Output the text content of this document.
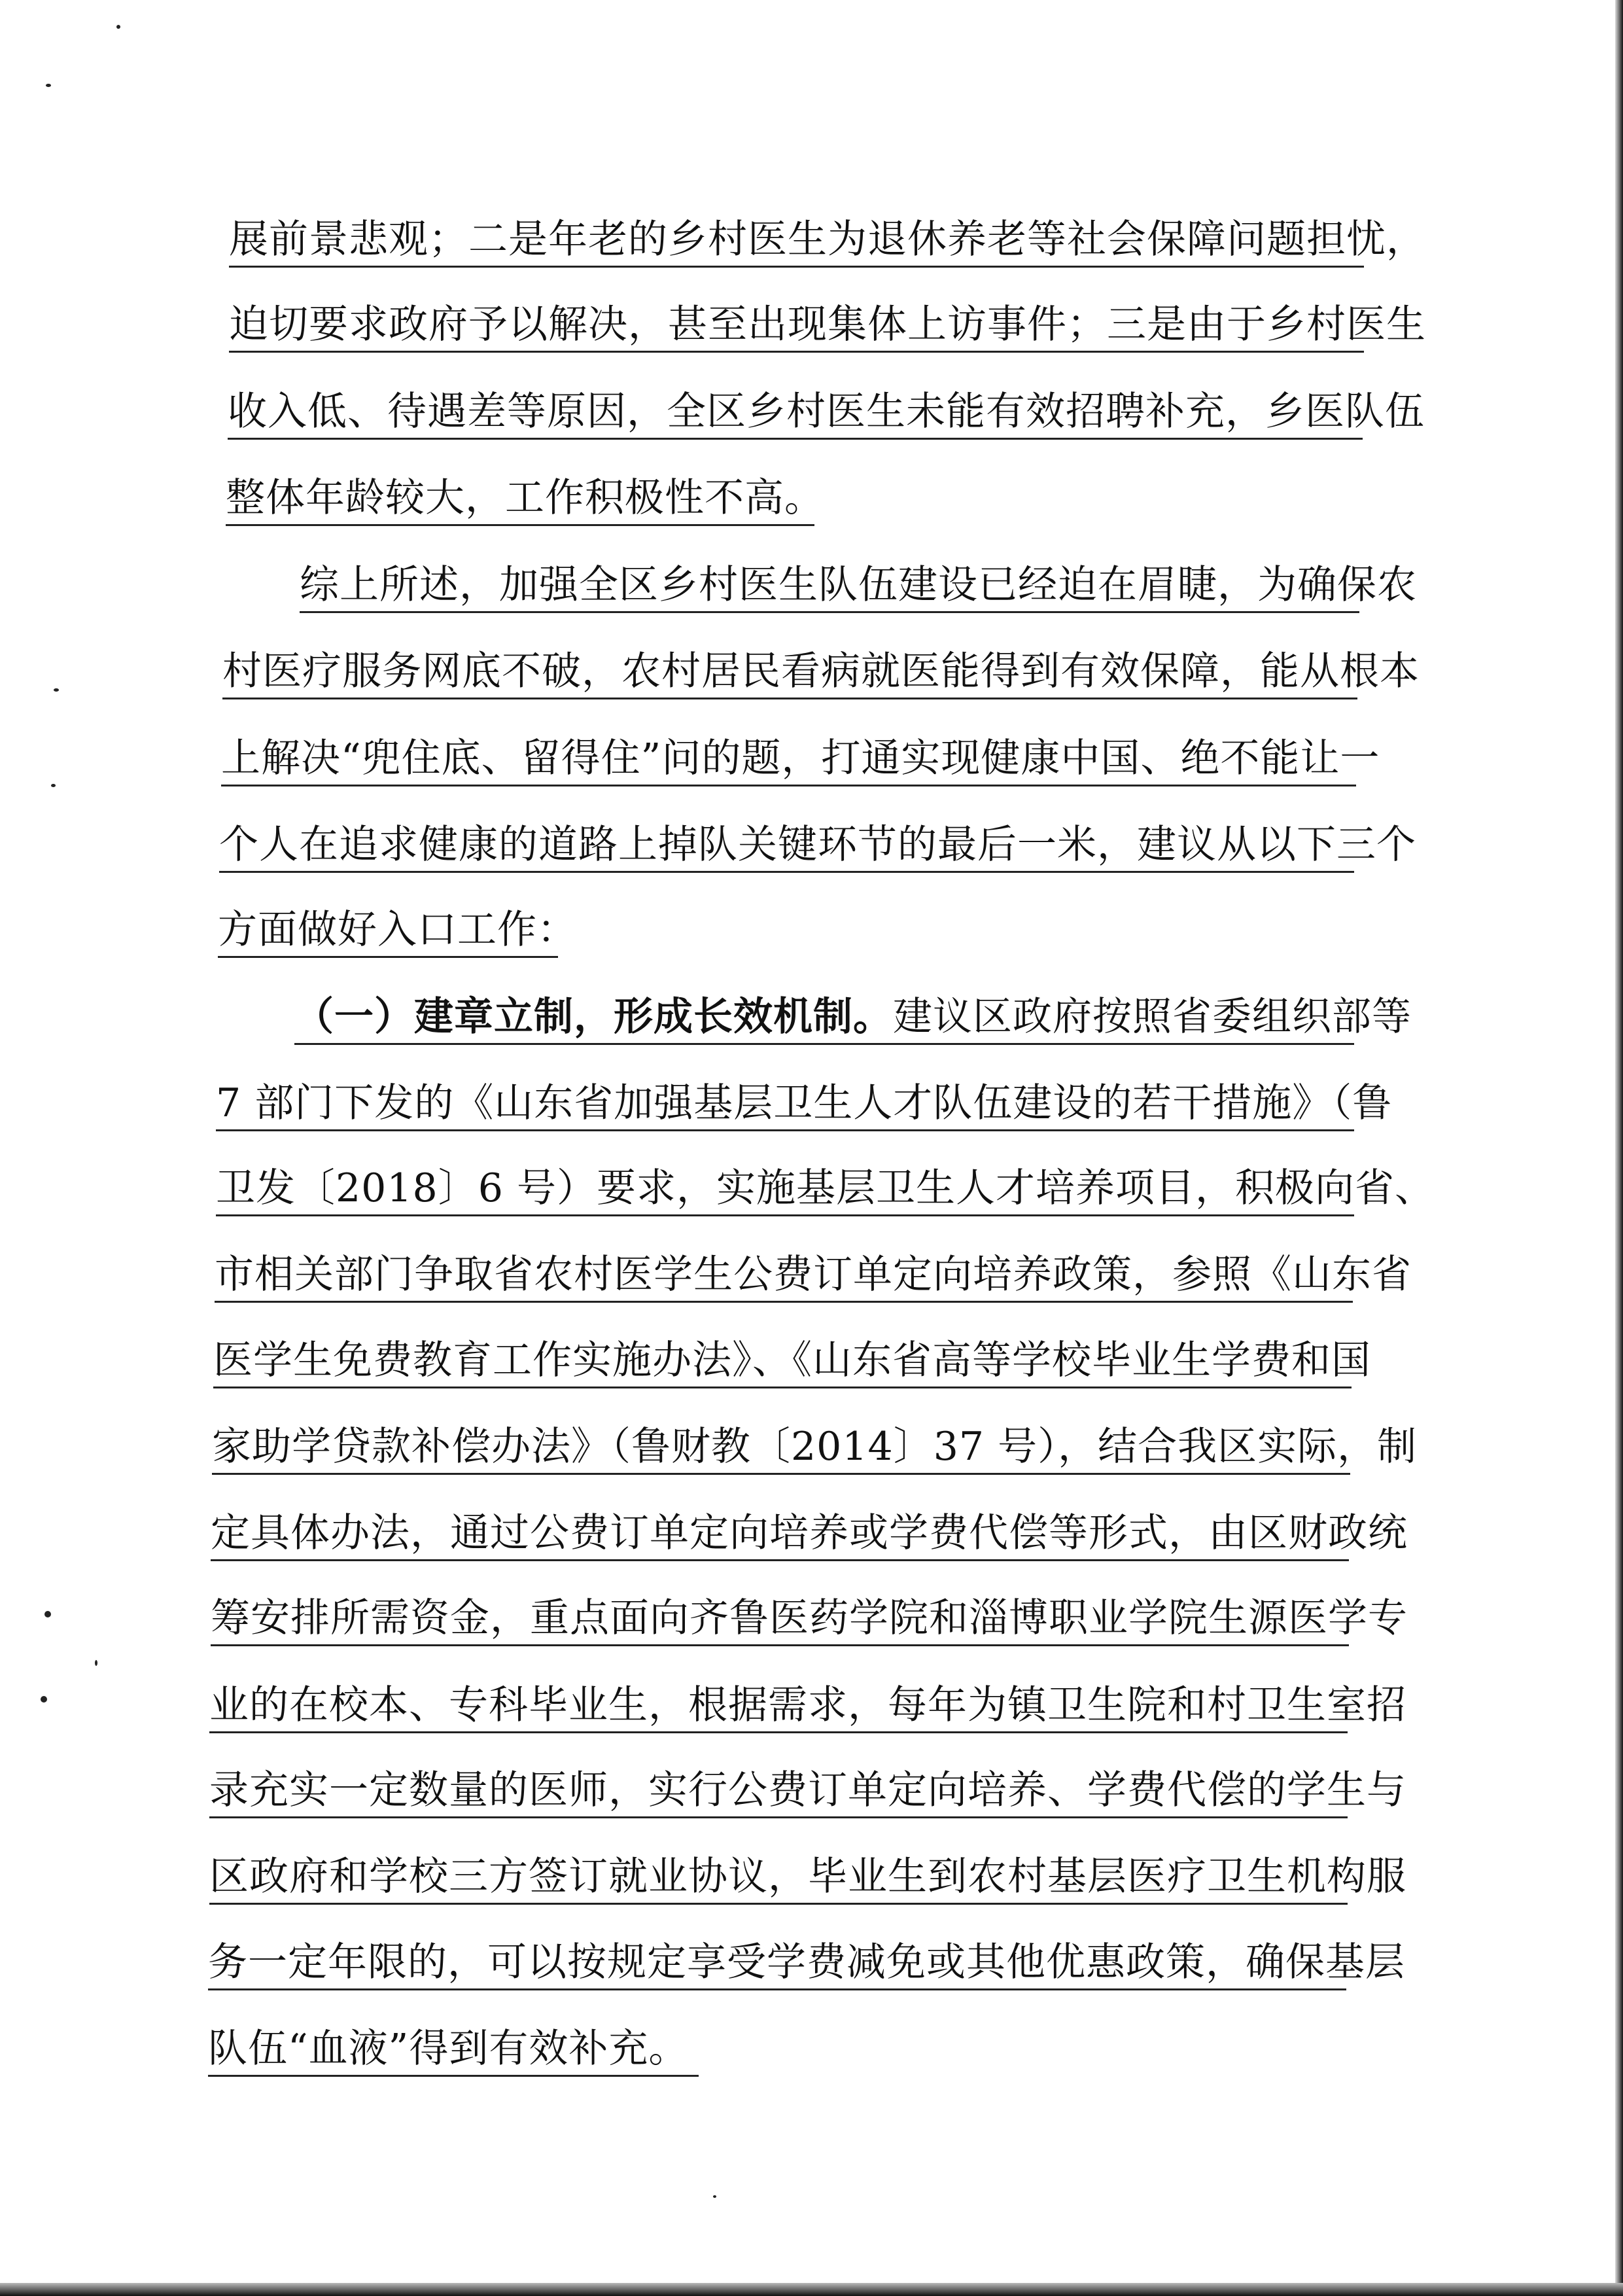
展前景悲观；二是年老的乡村医生为退休养老等社会保障问题担忧，
迫切要求政府予以解决，甚至出现集体上访事件；三是由于乡村医生
收入低、待遇差等原因，全区乡村医生未能有效招聘补充，乡医队伍
整体年龄较大，工作积极性不高。
综上所述，加强全区乡村医生队伍建设已经迫在眉睫，为确保农
村医疗服务网底不破，农村居民看病就医能得到有效保障，能从根本
上解决“兜住底、留得住”问的题，打通实现健康中国、绝不能让一
个人在追求健康的道路上掉队关键环节的最后一米，建议从以下三个
方面做好入口工作：
（一）建章立制，形成长效机制。建议区政府按照省委组织部等
7 部门下发的《山东省加强基层卫生人才队伍建设的若干措施》（鲁
卫发〔2018〕6 号）要求，实施基层卫生人才培养项目，积极向省、
市相关部门争取省农村医学生公费订单定向培养政策，参照《山东省
医学生免费教育工作实施办法》、《山东省高等学校毕业生学费和国
家助学贷款补偿办法》（鲁财教〔2014〕37 号），结合我区实际，制
定具体办法，通过公费订单定向培养或学费代偿等形式，由区财政统
筹安排所需资金，重点面向齐鲁医药学院和淄博职业学院生源医学专
业的在校本、专科毕业生，根据需求，每年为镇卫生院和村卫生室招
录充实一定数量的医师，实行公费订单定向培养、学费代偿的学生与
区政府和学校三方签订就业协议，毕业生到农村基层医疗卫生机构服
务一定年限的，可以按规定享受学费减免或其他优惠政策，确保基层
队伍“血液”得到有效补充。
